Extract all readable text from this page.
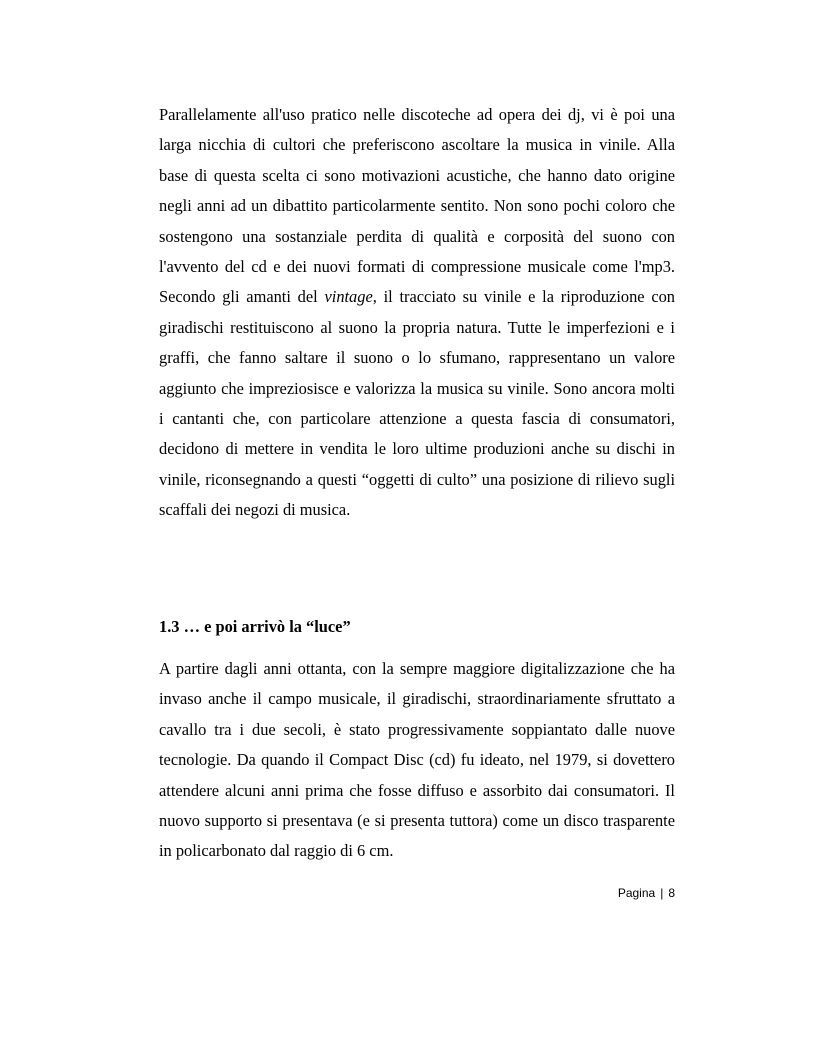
Parallelamente all'uso pratico nelle discoteche ad opera dei dj, vi è poi una larga nicchia di cultori che preferiscono ascoltare la musica in vinile. Alla base di questa scelta ci sono motivazioni acustiche, che hanno dato origine negli anni ad un dibattito particolarmente sentito. Non sono pochi coloro che sostengono una sostanziale perdita di qualità e corposità del suono con l'avvento del cd e dei nuovi formati di compressione musicale come l'mp3. Secondo gli amanti del vintage, il tracciato su vinile e la riproduzione con giradischi restituiscono al suono la propria natura. Tutte le imperfezioni e i graffi, che fanno saltare il suono o lo sfumano, rappresentano un valore aggiunto che impreziosisce e valorizza la musica su vinile. Sono ancora molti i cantanti che, con particolare attenzione a questa fascia di consumatori, decidono di mettere in vendita le loro ultime produzioni anche su dischi in vinile, riconsegnando a questi “oggetti di culto” una posizione di rilievo sugli scaffali dei negozi di musica.

1.3 … e poi arrivò la “luce”

A partire dagli anni ottanta, con la sempre maggiore digitalizzazione che ha invaso anche il campo musicale, il giradischi, straordinariamente sfruttato a cavallo tra i due secoli, è stato progressivamente soppiantato dalle nuove tecnologie. Da quando il Compact Disc (cd) fu ideato, nel 1979, si dovettero attendere alcuni anni prima che fosse diffuso e assorbito dai consumatori. Il nuovo supporto si presentava (e si presenta tuttora) come un disco trasparente in policarbonato dal raggio di 6 cm.

Pagina | 8
